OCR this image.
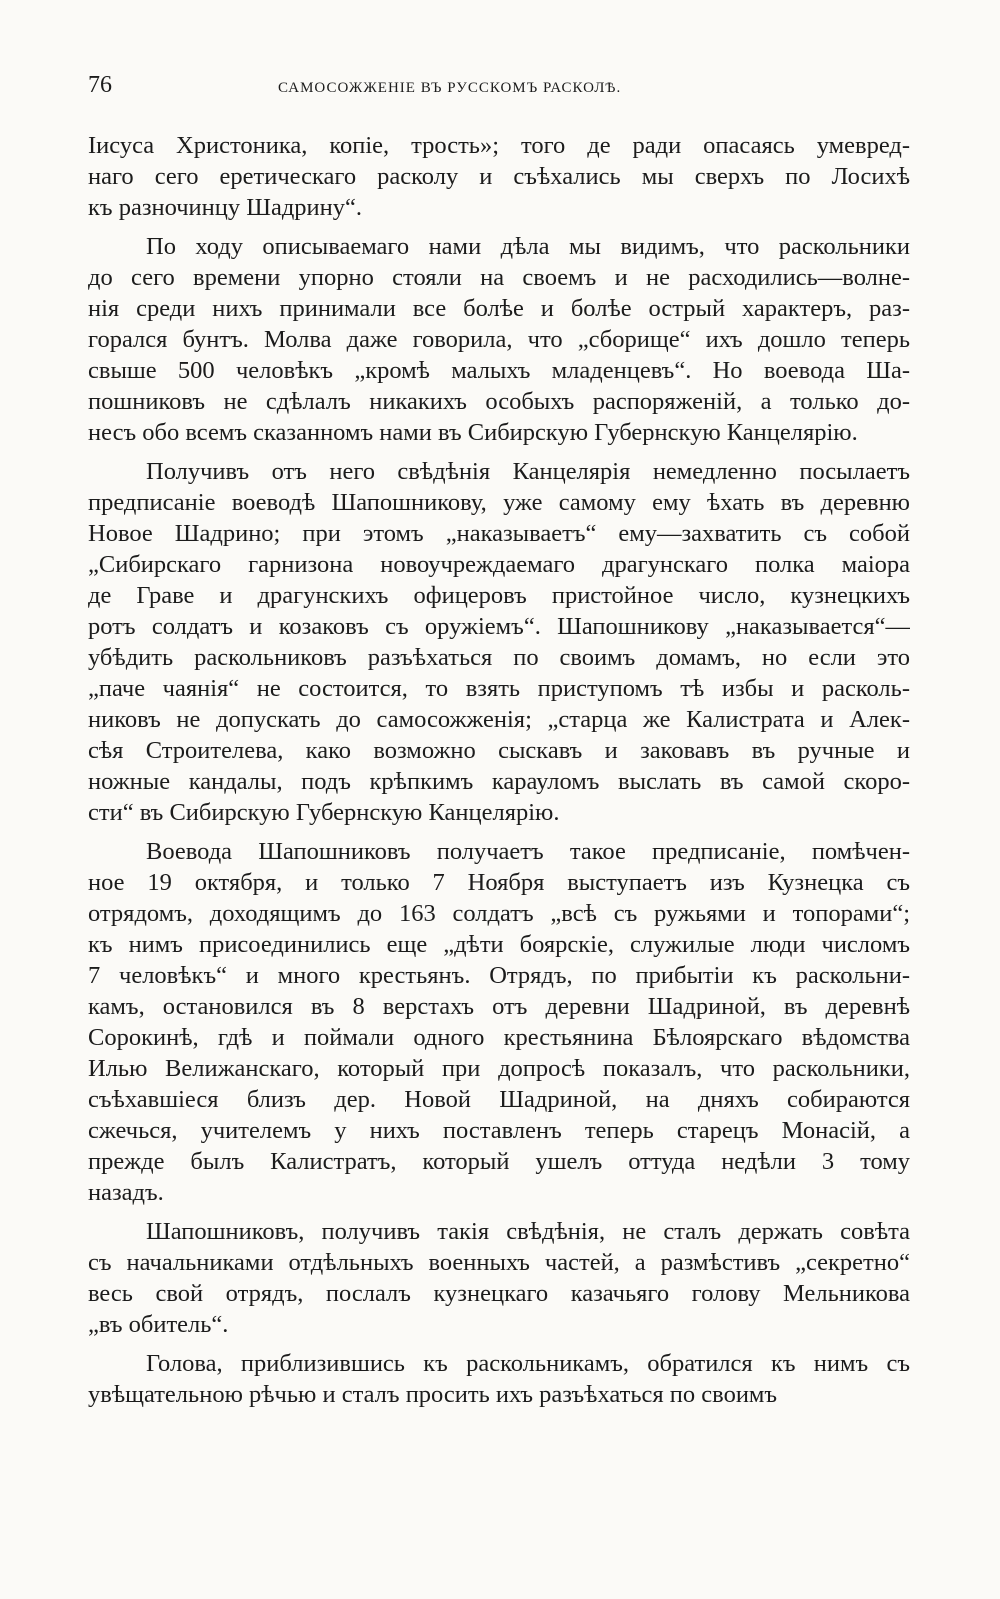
76	САМОСОЖЖЕНІЕ ВЪ РУССКОМЪ РАСКОЛѢ.
Іисуса Христоника, копіе, трость»; того де ради опасаясь умевред-
наго сего еретическаго расколу и съѣхались мы сверхъ по Лосихѣ
къ разночинцу Шадрину“.
По ходу описываемаго нами дѣла мы видимъ, что раскольники
до сего времени упорно стояли на своемъ и не расходились—волне-
нія среди нихъ принимали все болѣе и болѣе острый характеръ, раз-
горался бунтъ. Молва даже говорила, что „сборище“ ихъ дошло теперь
свыше 500 человѣкъ „кромѣ малыхъ младенцевъ“. Но воевода Ша-
пошниковъ не сдѣлалъ никакихъ особыхъ распоряженій, а только до-
несъ обо всемъ сказанномъ нами въ Сибирскую Губернскую Канцелярію.
Получивъ отъ него свѣдѣнія Канцелярія немедленно посылаетъ
предписаніе воеводѣ Шапошникову, уже самому ему ѣхать въ деревню
Новое Шадрино; при этомъ „наказываетъ“ ему—захватить съ собой
„Сибирскаго гарнизона новоучреждаемаго драгунскаго полка маіора
де Граве и драгунскихъ офицеровъ пристойное число, кузнецкихъ
ротъ солдатъ и козаковъ съ оружіемъ“. Шапошникову „наказывается“—
убѣдить раскольниковъ разъѣхаться по своимъ домамъ, но если это
„паче чаянія“ не состоится, то взять приступомъ тѣ избы и расколь-
никовъ не допускать до самосожженія; „старца же Калистрата и Алек-
сѣя Строителева, како возможно сыскавъ и заковавъ въ ручные и
ножные кандалы, подъ крѣпкимъ карауломъ выслать въ самой скоро-
сти“ въ Сибирскую Губернскую Канцелярію.
Воевода Шапошниковъ получаетъ такое предписаніе, помѣчен-
ное 19 октября, и только 7 Ноября выступаетъ изъ Кузнецка съ
отрядомъ, доходящимъ до 163 солдатъ „всѣ съ ружьями и топорами“;
къ нимъ присоединились еще „дѣти боярскіе, служилые люди числомъ
7 человѣкъ“ и много крестьянъ. Отрядъ, по прибытіи къ раскольни-
камъ, остановился въ 8 верстахъ отъ деревни Шадриной, въ деревнѣ
Сорокинѣ, гдѣ и поймали одного крестьянина Бѣлоярскаго вѣдомства
Илью Велижанскаго, который при допросѣ показалъ, что раскольники,
съѣхавшіеся близъ дер. Новой Шадриной, на дняхъ собираются
сжечься, учителемъ у нихъ поставленъ теперь старецъ Монасій, а
прежде былъ Калистратъ, который ушелъ оттуда недѣли 3 тому
назадъ.
Шапошниковъ, получивъ такія свѣдѣнія, не сталъ держать совѣта
съ начальниками отдѣльныхъ военныхъ частей, а размѣстивъ „секретно“
весь свой отрядъ, послалъ кузнецкаго казачьяго голову Мельникова
„въ обитель“.
Голова, приблизившись къ раскольникамъ, обратился къ нимъ съ
увѣщательною рѣчью и сталъ просить ихъ разъѣхаться по своимъ
